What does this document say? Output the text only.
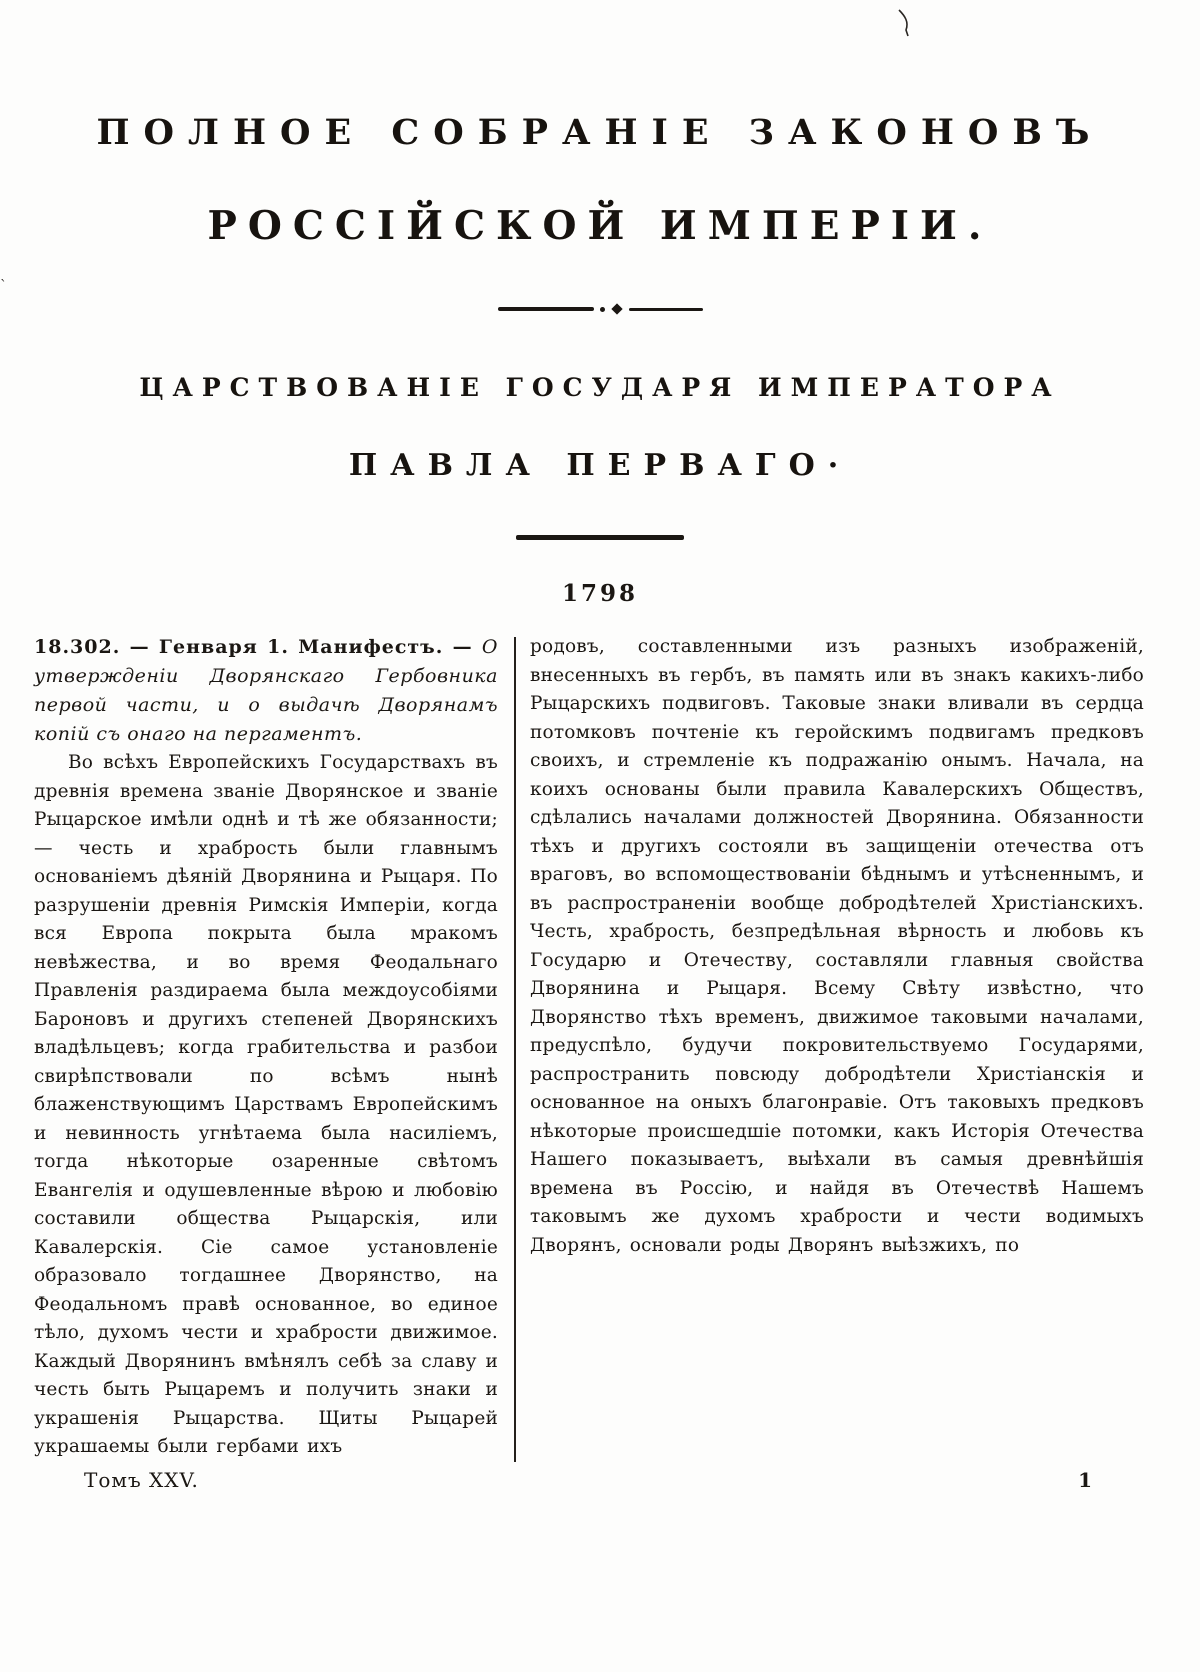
`
ПОЛНОЕ СОБРАНІЕ ЗАКОНОВЪ
РОССІЙСКОЙ ИМПЕРІИ.
ЦАРСТВОВАНІЕ ГОСУДАРЯ ИМПЕРАТОРА
ПАВЛА ПЕРВАГО·
1798

18.302. — Генваря 1. Манифестъ. — О утвержденіи Дворянскаго Гербовника первой части, и о выдачѣ Дворянамъ копій съ онаго на пергаментъ.

Во всѣхъ Европейскихъ Государствахъ въ древнія времена званіе Дворянское и званіе Рыцарское имѣли однѣ и тѣ же обязанности; — честь и храбрость были главнымъ основаніемъ дѣяній Дворянина и Рыцаря. По разрушеніи древнія Римскія Имперіи, когда вся Европа покрыта была мракомъ невѣжества, и во время Феодальнаго Правленія раздираема была междоусобіями Бароновъ и другихъ степеней Дворянскихъ владѣльцевъ; когда грабительства и разбои свирѣпствовали по всѣмъ нынѣ блаженствующимъ Царствамъ Европейскимъ и невинность угнѣтаема была насиліемъ, тогда нѣкоторые озаренные свѣтомъ Евангелія и одушевленные вѣрою и любовію составили общества Рыцарскія, или Кавалерскія. Сіе самое установленіе образовало тогдашнее Дворянство, на Феодальномъ правѣ основанное, во единое тѣло, духомъ чести и храбрости движимое. Каждый Дворянинъ вмѣнялъ себѣ за славу и честь быть Рыцаремъ и получить знаки и украшенія Рыцарства. Щиты Рыцарей украшаемы были гербами ихъ

родовъ, составленными изъ разныхъ изображеній, внесенныхъ въ гербъ, въ память или въ знакъ какихъ-либо Рыцарскихъ подвиговъ. Таковые знаки вливали въ сердца потомковъ почтеніе къ геройскимъ подвигамъ предковъ своихъ, и стремленіе къ подражанію онымъ. Начала, на коихъ основаны были правила Кавалерскихъ Обществъ, сдѣлались началами должностей Дворянина. Обязанности тѣхъ и другихъ состояли въ защищеніи отечества отъ враговъ, во вспомоществованіи бѣднымъ и утѣсненнымъ, и въ распространеніи вообще добродѣтелей Христіанскихъ. Честь, храбрость, безпредѣльная вѣрность и любовь къ Государю и Отечеству, составляли главныя свойства Дворянина и Рыцаря. Всему Свѣту извѣстно, что Дворянство тѣхъ временъ, движимое таковыми началами, предуспѣло, будучи покровительствуемо Государями, распространить повсюду добродѣтели Христіанскія и основанное на оныхъ благонравіе. Отъ таковыхъ предковъ нѣкоторые происшедшіе потомки, какъ Исторія Отечества Нашего показываетъ, выѣхали въ самыя древнѣйшія времена въ Россію, и найдя въ Отечествѣ Нашемъ таковымъ же духомъ храбрости и чести водимыхъ Дворянъ, основали роды Дворянъ выѣзжихъ, по

Томъ XXV.	1
